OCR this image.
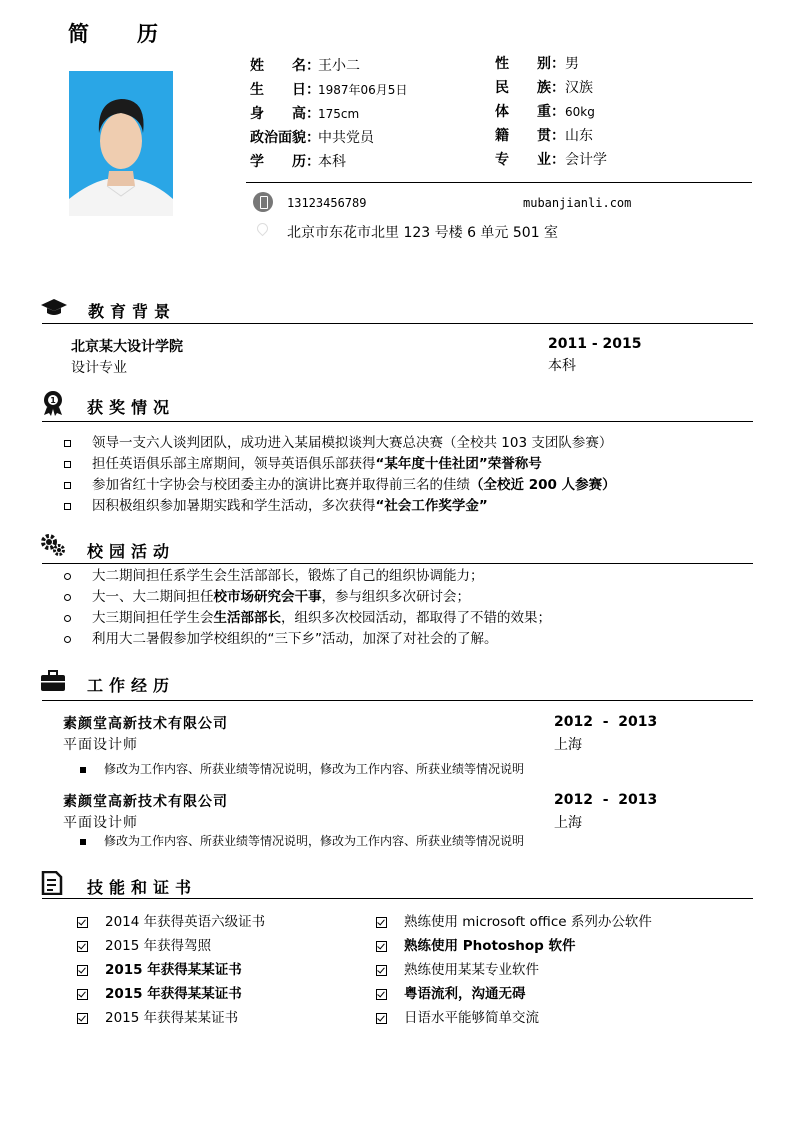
简 历
姓　　名：王小二
生　　日：1987年06月5日
身　　高：175cm
政治面貌：中共党员
学　　历：本科
性　　别：男
民　　族：汉族
体　　重：60kg
籍　　贯：山东
专　　业：会计学
13123456789	mubanjianli.com
北京市东花市北里 123 号楼 6 单元 501 室
教育背景
北京某大设计学院
设计专业
2011 - 2015
本科
1 获奖情况
领导一支六人谈判团队，成功进入某届模拟谈判大赛总决赛（全校共 103 支团队参赛）
担任英语俱乐部主席期间，领导英语俱乐部获得“某年度十佳社团”荣誉称号
参加省红十字协会与校团委主办的演讲比赛并取得前三名的佳绩（全校近 200 人参赛）
因积极组织参加暑期实践和学生活动，多次获得“社会工作奖学金”
校园活动
大二期间担任系学生会生活部部长，锻炼了自己的组织协调能力；
大一、大二期间担任校市场研究会干事，参与组织多次研讨会；
大三期间担任学生会生活部部长，组织多次校园活动，都取得了不错的效果；
利用大二暑假参加学校组织的“三下乡”活动，加深了对社会的了解。
工作经历
素颜堂高新技术有限公司
平面设计师
2012  -  2013
上海
修改为工作内容、所获业绩等情况说明，修改为工作内容、所获业绩等情况说明
素颜堂高新技术有限公司
平面设计师
2012  -  2013
上海
修改为工作内容、所获业绩等情况说明，修改为工作内容、所获业绩等情况说明
技能和证书
2014 年获得英语六级证书
2015 年获得驾照
2015 年获得某某证书
2015 年获得某某证书
2015 年获得某某证书
熟练使用 microsoft office 系列办公软件
熟练使用 Photoshop 软件
熟练使用某某专业软件
粤语流利，沟通无碍
日语水平能够简单交流
